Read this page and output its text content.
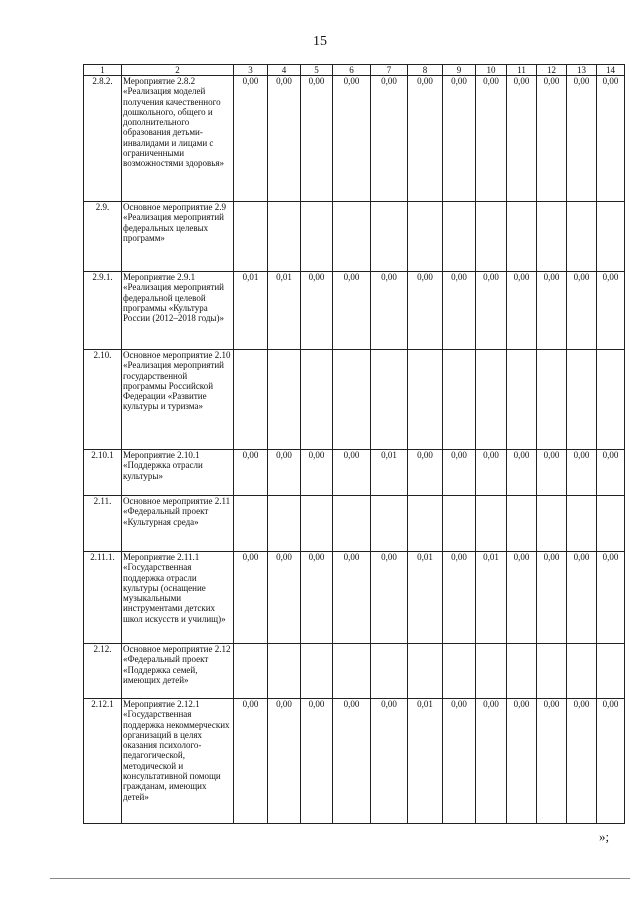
15
1	2	3	4	5	6	7	8	9	10	11	12	13	14
2.8.2.	Мероприятие 2.8.2 «Реализация моделей получения качественного дошкольного, общего и дополнительного образования детьми-инвалидами и лицами с ограниченными возможностями здоровья»	0,00	0,00	0,00	0,00	0,00	0,00	0,00	0,00	0,00	0,00	0,00	0,00
2.9.	Основное мероприятие 2.9 «Реализация мероприятий федеральных целевых программ»												
2.9.1.	Мероприятие 2.9.1 «Реализация мероприятий федеральной целевой программы «Культура России (2012–2018 годы)»	0,01	0,01	0,00	0,00	0,00	0,00	0,00	0,00	0,00	0,00	0,00	0,00
2.10.	Основное мероприятие 2.10 «Реализация мероприятий государственной программы Российской Федерации «Развитие культуры и туризма»												
2.10.1	Мероприятие 2.10.1 «Поддержка отрасли культуры»	0,00	0,00	0,00	0,00	0,01	0,00	0,00	0,00	0,00	0,00	0,00	0,00
2.11.	Основное мероприятие 2.11 «Федеральный проект «Культурная среда»												
2.11.1.	Мероприятие 2.11.1 «Государственная поддержка отрасли культуры (оснащение музыкальными инструментами детских школ искусств и училищ)»	0,00	0,00	0,00	0,00	0,00	0,01	0,00	0,01	0,00	0,00	0,00	0,00
2.12.	Основное мероприятие 2.12 «Федеральный проект «Поддержка семей, имеющих детей»												
2.12.1	Мероприятие 2.12.1 «Государственная поддержка некоммерческих организаций в целях оказания психолого-педагогической, методической и консультативной помощи гражданам, имеющих детей»	0,00	0,00	0,00	0,00	0,00	0,01	0,00	0,00	0,00	0,00	0,00	0,00
»;
